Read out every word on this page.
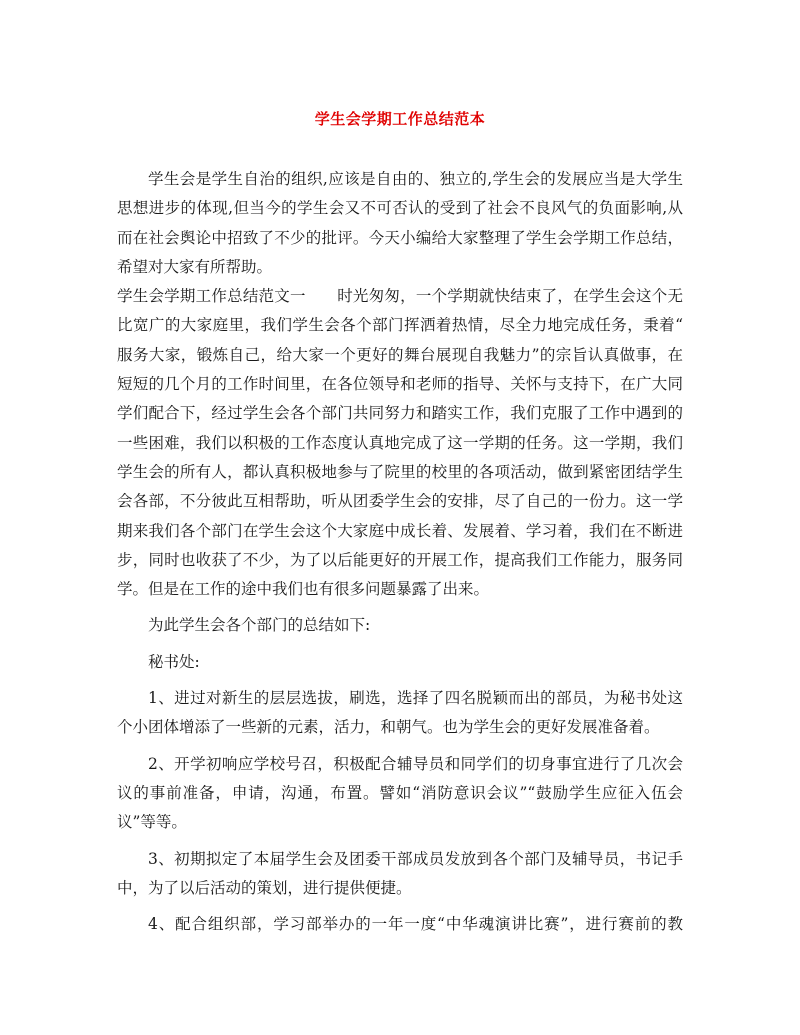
学生会学期工作总结范本
学生会是学生自治的组织,应该是自由的、独立的,学生会的发展应当是大学生
思想进步的体现,但当今的学生会又不可否认的受到了社会不良风气的负面影响,从
而在社会舆论中招致了不少的批评。今天小编给大家整理了学生会学期工作总结，
希望对大家有所帮助。
学生会学期工作总结范文一　　时光匆匆，一个学期就快结束了，在学生会这个无
比宽广的大家庭里，我们学生会各个部门挥洒着热情，尽全力地完成任务，秉着“
服务大家，锻炼自己，给大家一个更好的舞台展现自我魅力”的宗旨认真做事，在
短短的几个月的工作时间里，在各位领导和老师的指导、关怀与支持下，在广大同
学们配合下，经过学生会各个部门共同努力和踏实工作，我们克服了工作中遇到的
一些困难，我们以积极的工作态度认真地完成了这一学期的任务。这一学期，我们
学生会的所有人，都认真积极地参与了院里的校里的各项活动，做到紧密团结学生
会各部，不分彼此互相帮助，听从团委学生会的安排，尽了自己的一份力。这一学
期来我们各个部门在学生会这个大家庭中成长着、发展着、学习着，我们在不断进
步，同时也收获了不少，为了以后能更好的开展工作，提高我们工作能力，服务同
学。但是在工作的途中我们也有很多问题暴露了出来。
为此学生会各个部门的总结如下:
秘书处:
1、进过对新生的层层选拔，刷选，选择了四名脱颖而出的部员，为秘书处这
个小团体增添了一些新的元素，活力，和朝气。也为学生会的更好发展准备着。
2、开学初响应学校号召，积极配合辅导员和同学们的切身事宜进行了几次会
议的事前准备，申请，沟通，布置。譬如“消防意识会议”“鼓励学生应征入伍会
议”等等。
3、初期拟定了本届学生会及团委干部成员发放到各个部门及辅导员，书记手
中，为了以后活动的策划，进行提供便捷。
4、配合组织部，学习部举办的一年一度“中华魂演讲比赛”，进行赛前的教
